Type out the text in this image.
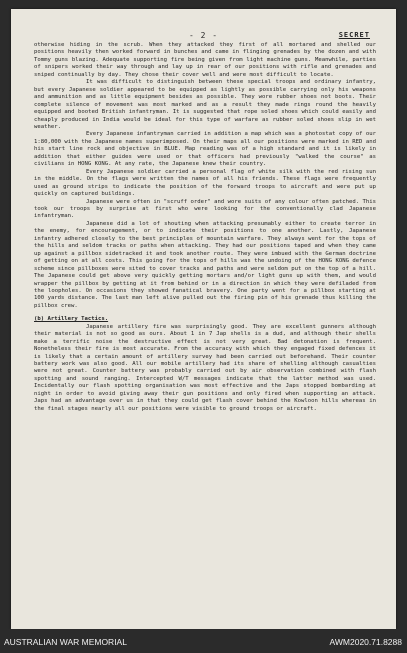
- 2 -	SECRET

otherwise hiding in the scrub. When they attacked they first of all mortared and shelled our positions heavily then worked forward in bunches and came in flinging grenades by the dozen and with Tommy guns blazing. Adequate supporting fire being given from light machine guns. Meanwhile, parties of snipers worked their way through and lay up in rear of our positions with rifle and grenades and sniped continually by day. They chose their cover well and were most difficult to locate.

It was difficult to distinguish between these special troops and ordinary infantry, but every Japanese soldier appeared to be equipped as lightly as possible carrying only his weapons and ammunition and as little equipment besides as possible. They wore rubber shoes not boots. Their complete silence of movement was most marked and as a result they made rings round the heavily equipped and booted British infantryman. It is suggested that rope soled shoes which could easily and cheaply produced in India would be ideal for this type of warfare as rubber soled shoes slip in wet weather.

Every Japanese infantryman carried in addition a map which was a photostat copy of our 1:80,000 with the Japanese names superimposed. On their maps all our positions were marked in RED and his start line rock and objective in BLUE. Map reading was of a high standard and it is likely in addition that either guides were used or that officers had previously "walked the course" as civilians in HONG KONG. At any rate, the Japanese knew their country.

Every Japanese soldier carried a personal flag of white silk with the red rising sun in the middle. On the flags were written the names of all his friends. These flags were frequently used as ground strips to indicate the position of the forward troops to aircraft and were put up quickly on captured buildings.

Japanese were often in "scruff order" and wore suits of any colour often patched. This took our troops by surprise at first who were looking for the conventionally clad Japanese infantryman.

Japanese did a lot of shouting when attacking presumably either to create terror in the enemy, for encouragement, or to indicate their positions to one another. Lastly, Japanese infantry adhered closely to the best principles of mountain warfare. They always went for the tops of the hills and seldom tracks or paths when attacking. They had our positions taped and when they came up against a pillbox sidetracked it and took another route. They were imbued with the German doctrine of getting on at all costs. This going for the tops of hills was the undoing of the HONG KONG defence scheme since pillboxes were sited to cover tracks and paths and were seldom put on the top of a hill. The Japanese could get above very quickly getting mortars and/or light guns up with them, and would wrapper the pillbox by getting at it from behind or in a direction in which they were defiladed from the loopholes. On occasions they showed fanatical bravery. One party went for a pillbox starting at 100 yards distance. The last man left alive pulled out the firing pin of his grenade thus killing the pillbox crew.

(b) Artillery Tactics.

Japanese artillery fire was surprisingly good. They are excellent gunners although their material is not so good as ours. About 1 in 7 Jap shells is a dud, and although their shells make a terrific noise the destructive effect is not very great. Bad detonation is frequent. Nonetheless their fire is most accurate. From the accuracy with which they engaged fixed defences it is likely that a certain amount of artillery survey had been carried out beforehand. Their counter battery work was also good. All our mobile artillery had its share of shelling although casualties were not great. Counter battery was probably carried out by air observation combined with flash spotting and sound ranging. Intercepted W/T messages indicate that the latter method was used. Incidentally our flash spotting organisation was most effective and the Japs stopped bombarding at night in order to avoid giving away their gun positions and only fired when supporting an attack. Japs had an advantage over us in that they could get flash cover behind the Kowloon hills whereas in the final stages nearly all our positions were visible to ground troops or aircraft.

AUSTRALIAN WAR MEMORIAL	AWM2020.71.8288
